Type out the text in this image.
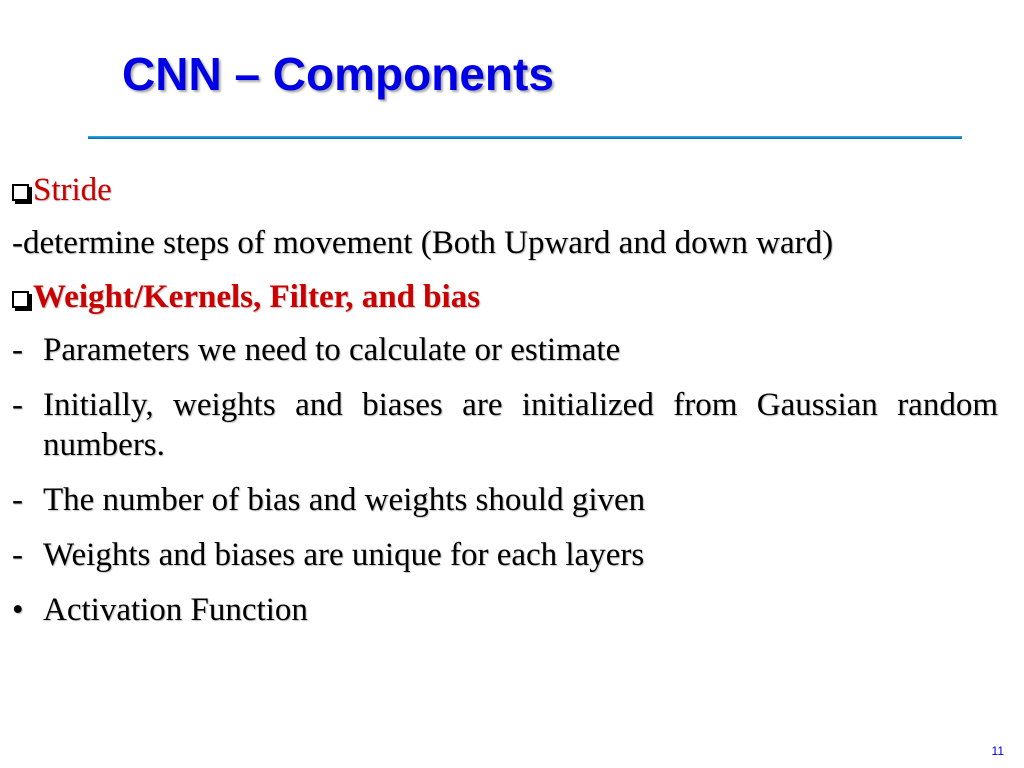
CNN – Components
Stride

-determine steps of movement (Both Upward and down ward)

Weight/Kernels, Filter, and bias
- Parameters we need to calculate or estimate
- Initially, weights and biases are initialized from Gaussian random numbers.
- The number of bias and weights should given
- Weights and biases are unique for each layers
• Activation Function
11
